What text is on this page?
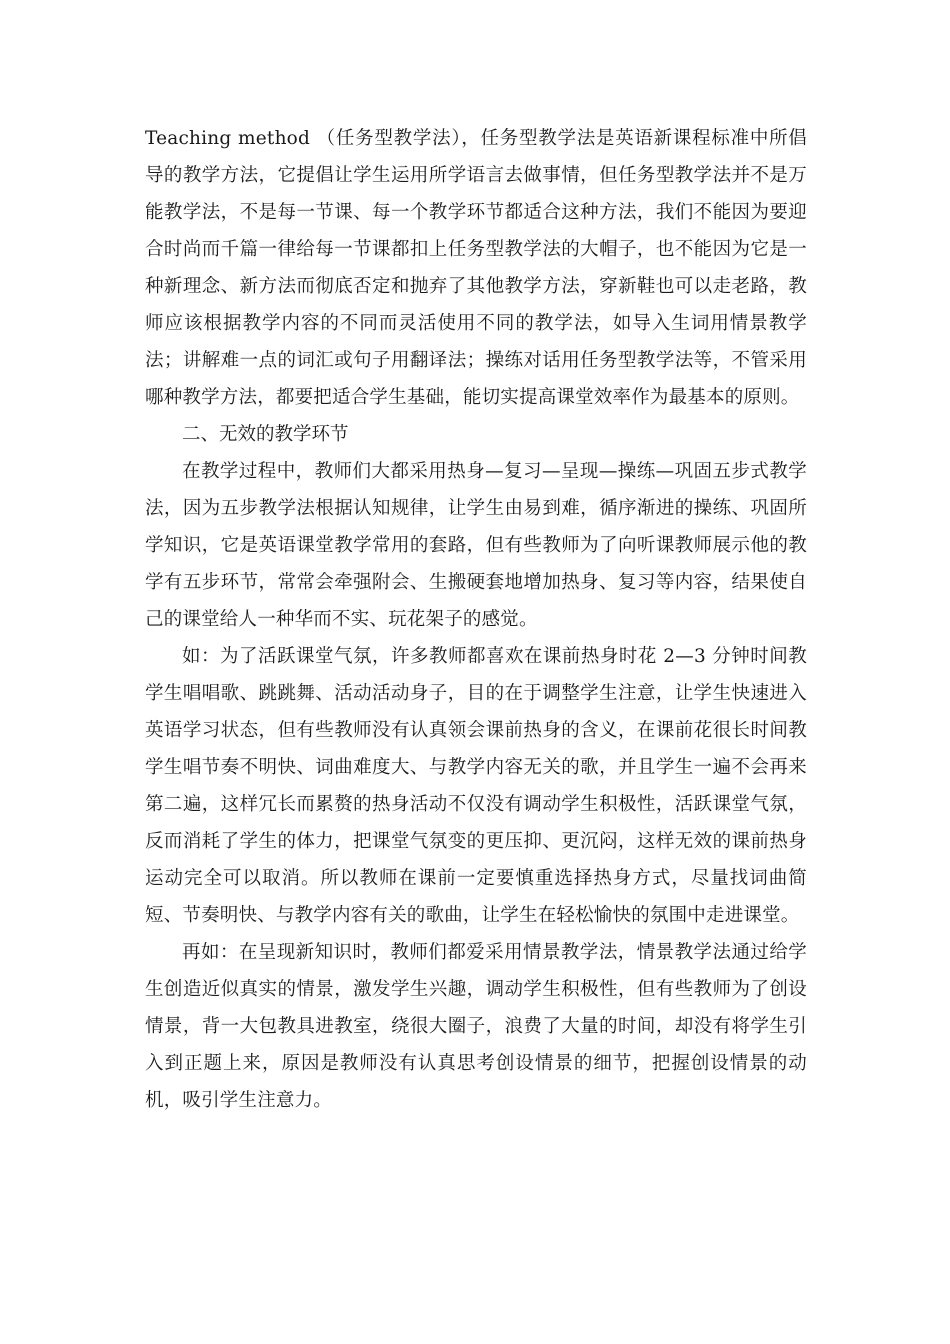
Teaching method （任务型教学法），任务型教学法是英语新课程标准中所倡导的教学方法，它提倡让学生运用所学语言去做事情，但任务型教学法并不是万能教学法，不是每一节课、每一个教学环节都适合这种方法，我们不能因为要迎合时尚而千篇一律给每一节课都扣上任务型教学法的大帽子，也不能因为它是一种新理念、新方法而彻底否定和抛弃了其他教学方法，穿新鞋也可以走老路，教师应该根据教学内容的不同而灵活使用不同的教学法，如导入生词用情景教学法；讲解难一点的词汇或句子用翻译法；操练对话用任务型教学法等，不管采用哪种教学方法，都要把适合学生基础，能切实提高课堂效率作为最基本的原则。

二、无效的教学环节

在教学过程中，教师们大都采用热身—复习—呈现—操练—巩固五步式教学法，因为五步教学法根据认知规律，让学生由易到难，循序渐进的操练、巩固所学知识，它是英语课堂教学常用的套路，但有些教师为了向听课教师展示他的教学有五步环节，常常会牵强附会、生搬硬套地增加热身、复习等内容，结果使自己的课堂给人一种华而不实、玩花架子的感觉。

如：为了活跃课堂气氛，许多教师都喜欢在课前热身时花 2—3 分钟时间教学生唱唱歌、跳跳舞、活动活动身子，目的在于调整学生注意，让学生快速进入英语学习状态，但有些教师没有认真领会课前热身的含义，在课前花很长时间教学生唱节奏不明快、词曲难度大、与教学内容无关的歌，并且学生一遍不会再来第二遍，这样冗长而累赘的热身活动不仅没有调动学生积极性，活跃课堂气氛，反而消耗了学生的体力，把课堂气氛变的更压抑、更沉闷，这样无效的课前热身运动完全可以取消。所以教师在课前一定要慎重选择热身方式，尽量找词曲简短、节奏明快、与教学内容有关的歌曲，让学生在轻松愉快的氛围中走进课堂。

再如：在呈现新知识时，教师们都爱采用情景教学法，情景教学法通过给学生创造近似真实的情景，激发学生兴趣，调动学生积极性，但有些教师为了创设情景，背一大包教具进教室，绕很大圈子，浪费了大量的时间，却没有将学生引入到正题上来，原因是教师没有认真思考创设情景的细节，把握创设情景的动机，吸引学生注意力。
